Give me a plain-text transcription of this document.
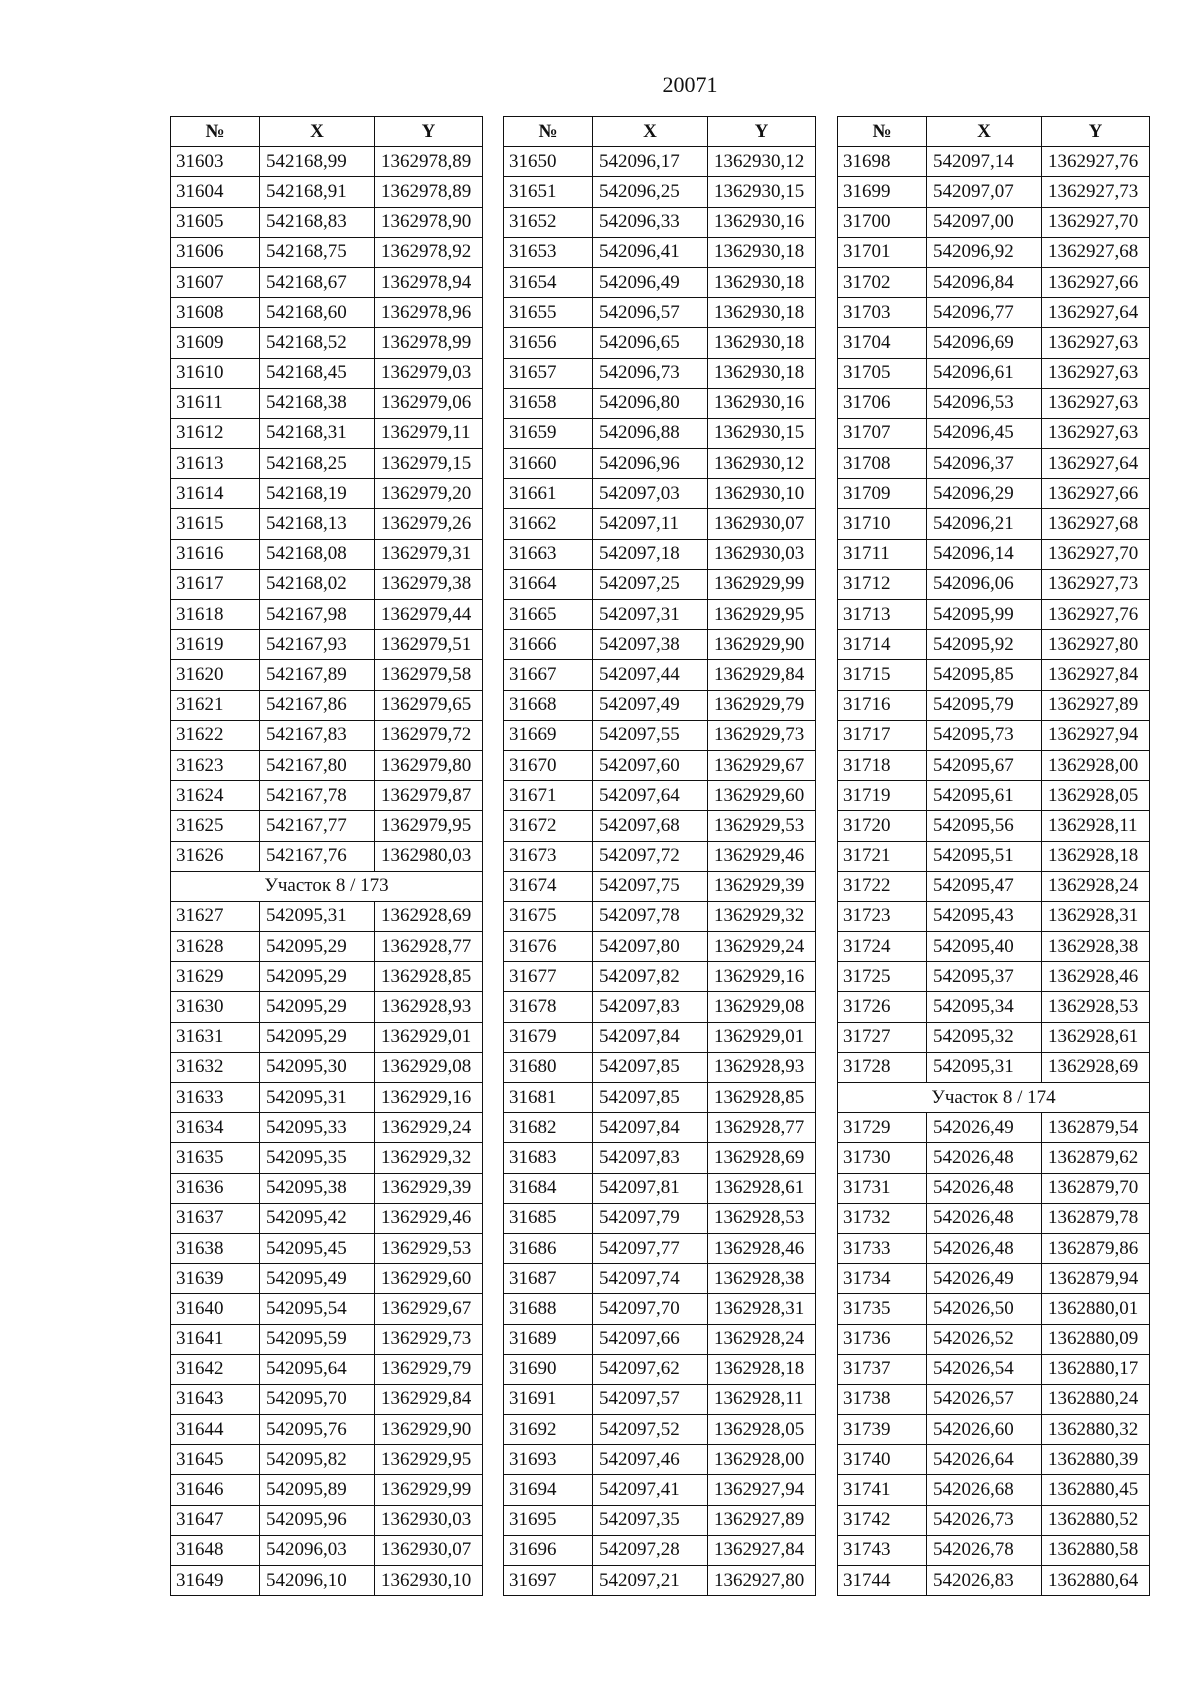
20071
№	X	Y
31603	542168,99	1362978,89
31604	542168,91	1362978,89
31605	542168,83	1362978,90
31606	542168,75	1362978,92
31607	542168,67	1362978,94
31608	542168,60	1362978,96
31609	542168,52	1362978,99
31610	542168,45	1362979,03
31611	542168,38	1362979,06
31612	542168,31	1362979,11
31613	542168,25	1362979,15
31614	542168,19	1362979,20
31615	542168,13	1362979,26
31616	542168,08	1362979,31
31617	542168,02	1362979,38
31618	542167,98	1362979,44
31619	542167,93	1362979,51
31620	542167,89	1362979,58
31621	542167,86	1362979,65
31622	542167,83	1362979,72
31623	542167,80	1362979,80
31624	542167,78	1362979,87
31625	542167,77	1362979,95
31626	542167,76	1362980,03
Участок 8 / 173		
31627	542095,31	1362928,69
31628	542095,29	1362928,77
31629	542095,29	1362928,85
31630	542095,29	1362928,93
31631	542095,29	1362929,01
31632	542095,30	1362929,08
31633	542095,31	1362929,16
31634	542095,33	1362929,24
31635	542095,35	1362929,32
31636	542095,38	1362929,39
31637	542095,42	1362929,46
31638	542095,45	1362929,53
31639	542095,49	1362929,60
31640	542095,54	1362929,67
31641	542095,59	1362929,73
31642	542095,64	1362929,79
31643	542095,70	1362929,84
31644	542095,76	1362929,90
31645	542095,82	1362929,95
31646	542095,89	1362929,99
31647	542095,96	1362930,03
31648	542096,03	1362930,07
31649	542096,10	1362930,10
№	X	Y
31650	542096,17	1362930,12
31651	542096,25	1362930,15
31652	542096,33	1362930,16
31653	542096,41	1362930,18
31654	542096,49	1362930,18
31655	542096,57	1362930,18
31656	542096,65	1362930,18
31657	542096,73	1362930,18
31658	542096,80	1362930,16
31659	542096,88	1362930,15
31660	542096,96	1362930,12
31661	542097,03	1362930,10
31662	542097,11	1362930,07
31663	542097,18	1362930,03
31664	542097,25	1362929,99
31665	542097,31	1362929,95
31666	542097,38	1362929,90
31667	542097,44	1362929,84
31668	542097,49	1362929,79
31669	542097,55	1362929,73
31670	542097,60	1362929,67
31671	542097,64	1362929,60
31672	542097,68	1362929,53
31673	542097,72	1362929,46
31674	542097,75	1362929,39
31675	542097,78	1362929,32
31676	542097,80	1362929,24
31677	542097,82	1362929,16
31678	542097,83	1362929,08
31679	542097,84	1362929,01
31680	542097,85	1362928,93
31681	542097,85	1362928,85
31682	542097,84	1362928,77
31683	542097,83	1362928,69
31684	542097,81	1362928,61
31685	542097,79	1362928,53
31686	542097,77	1362928,46
31687	542097,74	1362928,38
31688	542097,70	1362928,31
31689	542097,66	1362928,24
31690	542097,62	1362928,18
31691	542097,57	1362928,11
31692	542097,52	1362928,05
31693	542097,46	1362928,00
31694	542097,41	1362927,94
31695	542097,35	1362927,89
31696	542097,28	1362927,84
31697	542097,21	1362927,80
№	X	Y
31698	542097,14	1362927,76
31699	542097,07	1362927,73
31700	542097,00	1362927,70
31701	542096,92	1362927,68
31702	542096,84	1362927,66
31703	542096,77	1362927,64
31704	542096,69	1362927,63
31705	542096,61	1362927,63
31706	542096,53	1362927,63
31707	542096,45	1362927,63
31708	542096,37	1362927,64
31709	542096,29	1362927,66
31710	542096,21	1362927,68
31711	542096,14	1362927,70
31712	542096,06	1362927,73
31713	542095,99	1362927,76
31714	542095,92	1362927,80
31715	542095,85	1362927,84
31716	542095,79	1362927,89
31717	542095,73	1362927,94
31718	542095,67	1362928,00
31719	542095,61	1362928,05
31720	542095,56	1362928,11
31721	542095,51	1362928,18
31722	542095,47	1362928,24
31723	542095,43	1362928,31
31724	542095,40	1362928,38
31725	542095,37	1362928,46
31726	542095,34	1362928,53
31727	542095,32	1362928,61
31728	542095,31	1362928,69
Участок 8 / 174		
31729	542026,49	1362879,54
31730	542026,48	1362879,62
31731	542026,48	1362879,70
31732	542026,48	1362879,78
31733	542026,48	1362879,86
31734	542026,49	1362879,94
31735	542026,50	1362880,01
31736	542026,52	1362880,09
31737	542026,54	1362880,17
31738	542026,57	1362880,24
31739	542026,60	1362880,32
31740	542026,64	1362880,39
31741	542026,68	1362880,45
31742	542026,73	1362880,52
31743	542026,78	1362880,58
31744	542026,83	1362880,64
